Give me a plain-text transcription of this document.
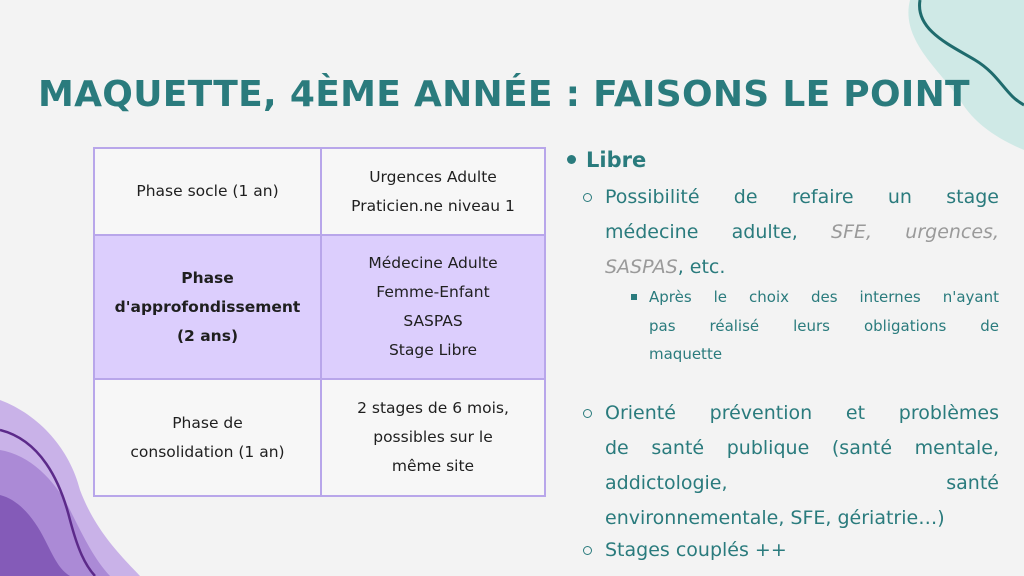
MAQUETTE, 4ÈME ANNÉE : FAISONS LE POINT
Phase socle (1 an)	Urgences Adulte
Praticien.ne niveau 1

Phase
d'approfondissement
(2 ans)	Médecine Adulte
Femme-Enfant
SASPAS
Stage Libre

Phase de
consolidation (1 an)	2 stages de 6 mois,
possibles sur le
même site
Libre
Possibilité de refaire un stage
médecine adulte, SFE, urgences,
SASPAS, etc.
Après le choix des internes n'ayant
pas réalisé leurs obligations de
maquette
Orienté prévention et problèmes
de santé publique (santé mentale,
addictologie, santé
environnementale, SFE, gériatrie…)
Stages couplés ++
